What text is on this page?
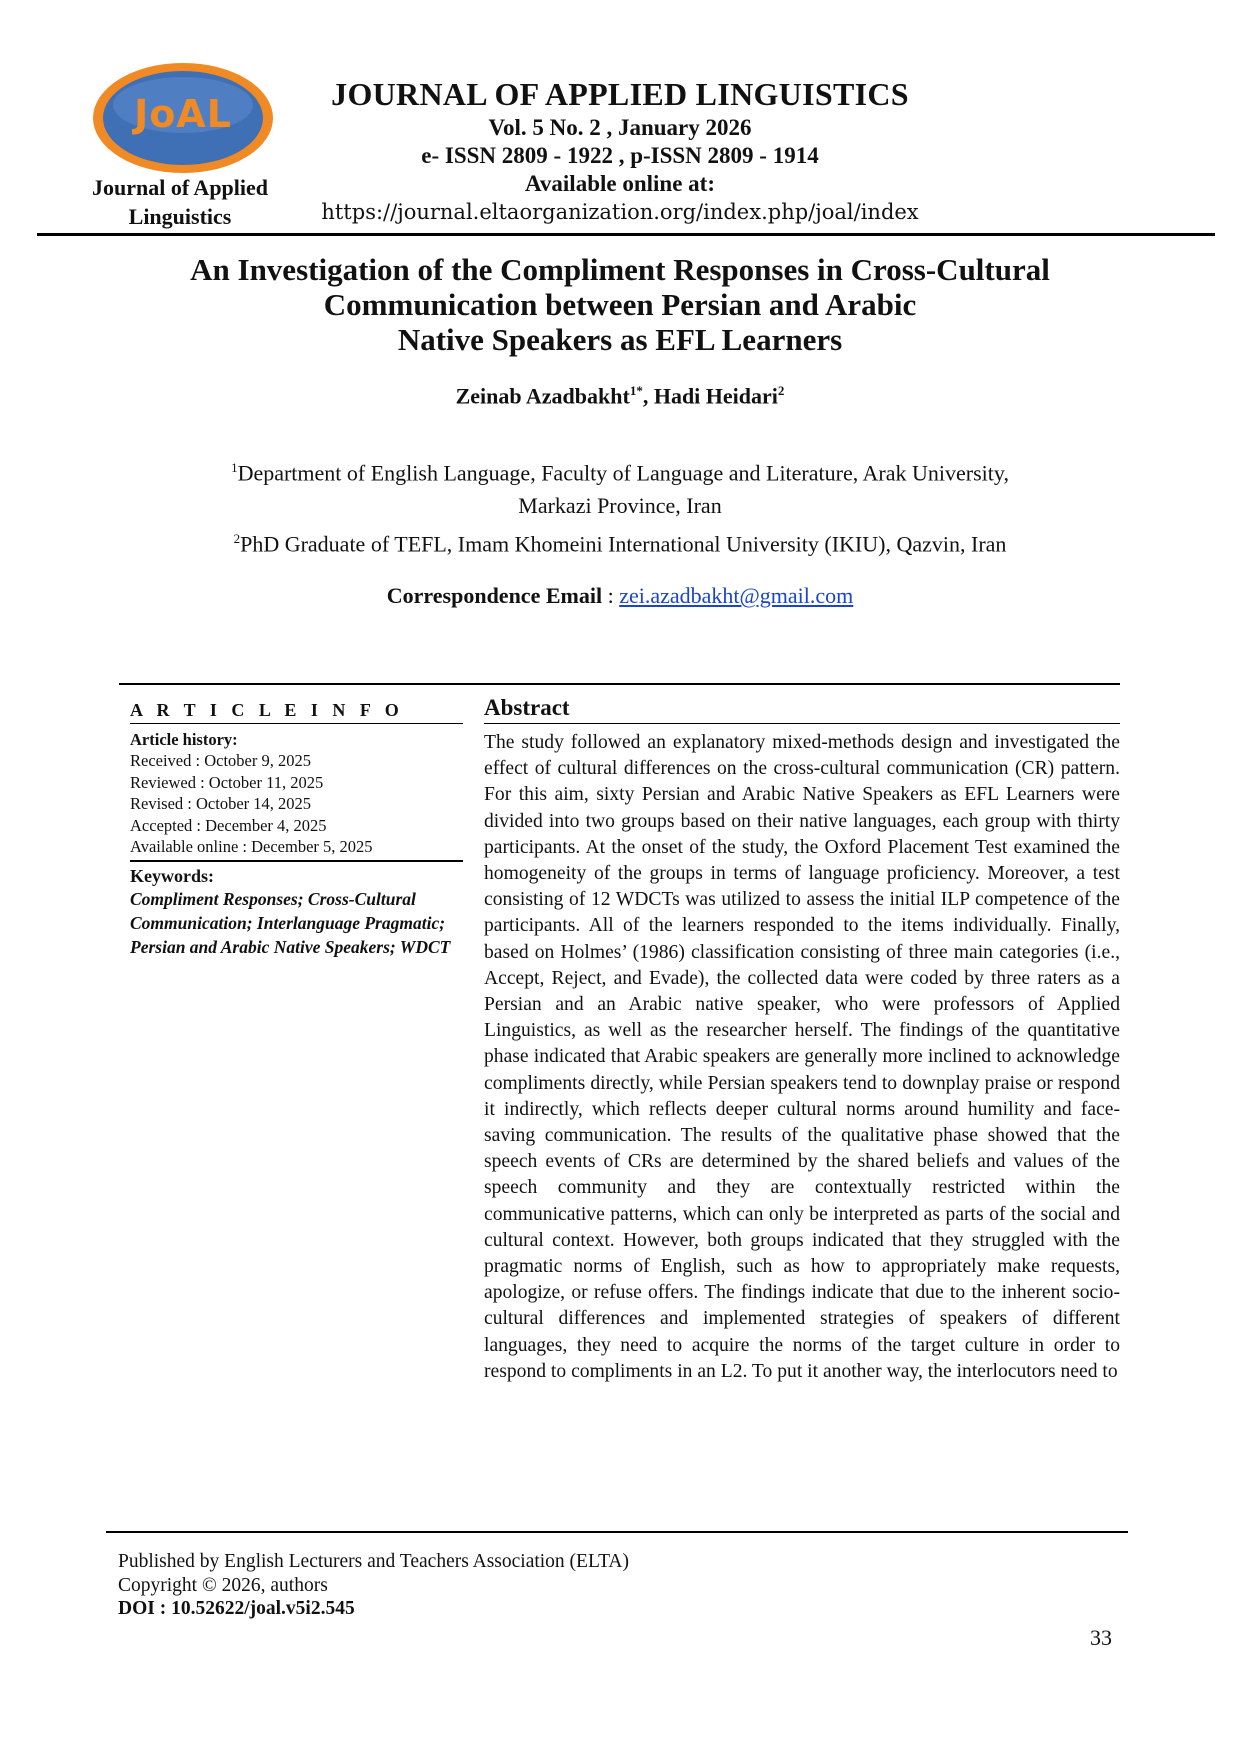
JoAL
Journal of Applied
Linguistics
JOURNAL OF APPLIED LINGUISTICS
Vol. 5 No. 2 , January 2026
e- ISSN 2809 - 1922 , p-ISSN 2809 - 1914
Available online at:
https://journal.eltaorganization.org/index.php/joal/index
An Investigation of the Compliment Responses in Cross-Cultural
Communication between Persian and Arabic
Native Speakers as EFL Learners
Zeinab Azadbakht$^{1*}$, Hadi Heidari$^2$
$^1$Department of English Language, Faculty of Language and Literature, Arak University,
Markazi Province, Iran
$^2$PhD Graduate of TEFL, Imam Khomeini International University (IKIU), Qazvin, Iran
Correspondence Email : zei.azadbakht@gmail.com
A R T I C L E I N F O
Article history:
Received : October 9, 2025
Reviewed : October 11, 2025
Revised : October 14, 2025
Accepted : December 4, 2025
Available online : December 5, 2025
Keywords:
Compliment Responses; Cross-Cultural Communication; Interlanguage Pragmatic; Persian and Arabic Native Speakers; WDCT
Abstract
The study followed an explanatory mixed-methods design and investigated the effect of cultural differences on the cross-cultural communication (CR) pattern. For this aim, sixty Persian and Arabic Native Speakers as EFL Learners were divided into two groups based on their native languages, each group with thirty participants. At the onset of the study, the Oxford Placement Test examined the homogeneity of the groups in terms of language proficiency. Moreover, a test consisting of 12 WDCTs was utilized to assess the initial ILP competence of the participants. All of the learners responded to the items individually. Finally, based on Holmes’ (1986) classification consisting of three main categories (i.e., Accept, Reject, and Evade), the collected data were coded by three raters as a Persian and an Arabic native speaker, who were professors of Applied Linguistics, as well as the researcher herself. The findings of the quantitative phase indicated that Arabic speakers are generally more inclined to acknowledge compliments directly, while Persian speakers tend to downplay praise or respond it indirectly, which reflects deeper cultural norms around humility and face-saving communication. The results of the qualitative phase showed that the speech events of CRs are determined by the shared beliefs and values of the speech community and they are contextually restricted within the communicative patterns, which can only be interpreted as parts of the social and cultural context. However, both groups indicated that they struggled with the pragmatic norms of English, such as how to appropriately make requests, apologize, or refuse offers. The findings indicate that due to the inherent socio-cultural differences and implemented strategies of speakers of different languages, they need to acquire the norms of the target culture in order to respond to compliments in an L2. To put it another way, the interlocutors need to
Published by English Lecturers and Teachers Association (ELTA)
Copyright © 2026, authors
DOI : 10.52622/joal.v5i2.545
33
